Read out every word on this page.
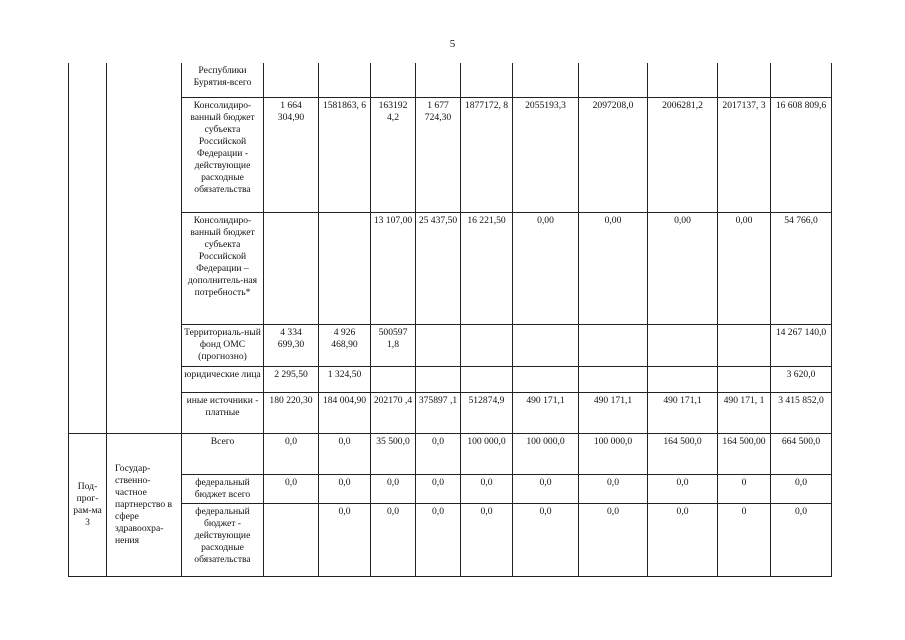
5
		Республики Бурятия-всего										
		Консолидиро-ванный бюджет субъекта Российской Федерации - действующие расходные обязательства	1 664 304,90	1581863, 6	163192 4,2	1 677 724,30	1877172, 8	2055193,3	2097208,0	2006281,2	2017137, 3	16 608 809,6
		Консолидиро-ванный бюджет субъекта Российской Федерации – дополнитель-ная потребность*			13 107,00	25 437,50	16 221,50	0,00	0,00	0,00	0,00	54 766,0
		Территориаль-ный фонд ОМС (прогнозно)	4 334 699,30	4 926 468,90	500597 1,8							14 267 140,0
		юридические лица	2 295,50	1 324,50								3 620,0
		иные источники - платные	180 220,30	184 004,90	202170 ,4	375897 ,1	512874,9	490 171,1	490 171,1	490 171,1	490 171, 1	3 415 852,0
Под-прог-рам-ма 3	Государ-ственно-частное партнерство в сфере здравоохра-нения	Всего	0,0	0,0	35 500,0	0,0	100 000,0	100 000,0	100 000,0	164 500,0	164 500,00	664 500,0
		федеральный бюджет всего	0,0	0,0	0,0	0,0	0,0	0,0	0,0	0,0	0	0,0
		федеральный бюджет - действующие расходные обязательства		0,0	0,0	0,0	0,0	0,0	0,0	0,0	0	0,0
